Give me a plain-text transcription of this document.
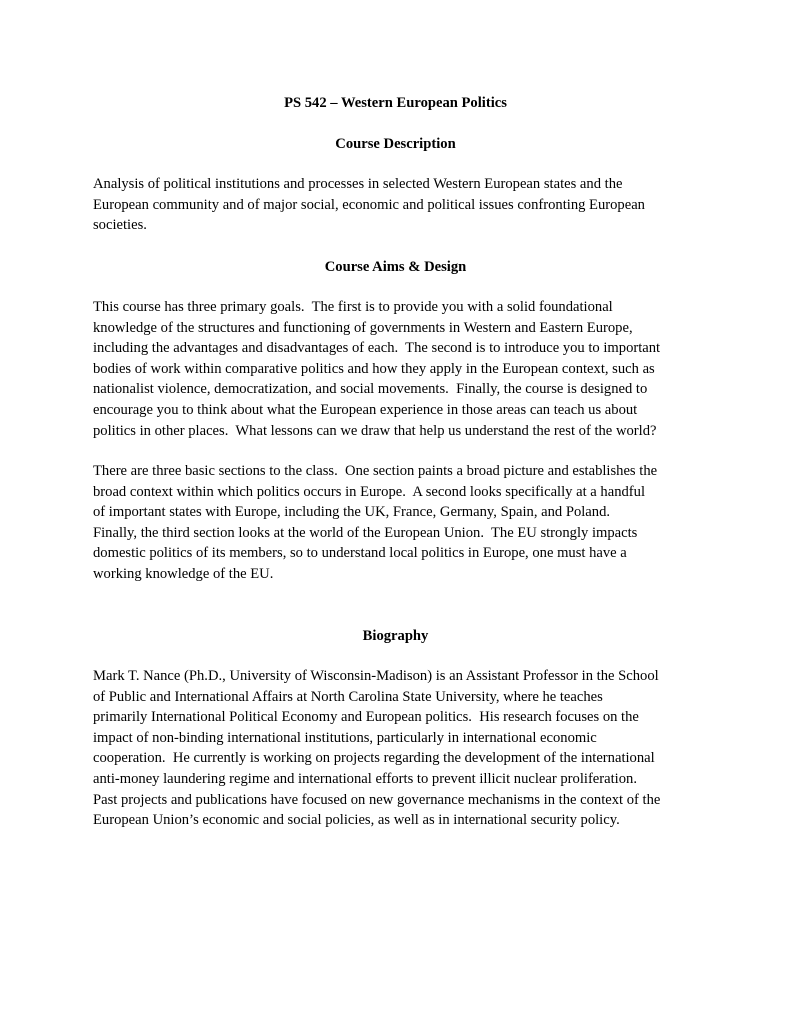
PS 542 – Western European Politics
Course Description
Analysis of political institutions and processes in selected Western European states and the
European community and of major social, economic and political issues confronting European
societies.
Course Aims & Design
This course has three primary goals.  The first is to provide you with a solid foundational
knowledge of the structures and functioning of governments in Western and Eastern Europe,
including the advantages and disadvantages of each.  The second is to introduce you to important
bodies of work within comparative politics and how they apply in the European context, such as
nationalist violence, democratization, and social movements.  Finally, the course is designed to
encourage you to think about what the European experience in those areas can teach us about
politics in other places.  What lessons can we draw that help us understand the rest of the world?
There are three basic sections to the class.  One section paints a broad picture and establishes the
broad context within which politics occurs in Europe.  A second looks specifically at a handful
of important states with Europe, including the UK, France, Germany, Spain, and Poland.
Finally, the third section looks at the world of the European Union.  The EU strongly impacts
domestic politics of its members, so to understand local politics in Europe, one must have a
working knowledge of the EU.
Biography
Mark T. Nance (Ph.D., University of Wisconsin-Madison) is an Assistant Professor in the School
of Public and International Affairs at North Carolina State University, where he teaches
primarily International Political Economy and European politics.  His research focuses on the
impact of non-binding international institutions, particularly in international economic
cooperation.  He currently is working on projects regarding the development of the international
anti-money laundering regime and international efforts to prevent illicit nuclear proliferation.
Past projects and publications have focused on new governance mechanisms in the context of the
European Union’s economic and social policies, as well as in international security policy.
